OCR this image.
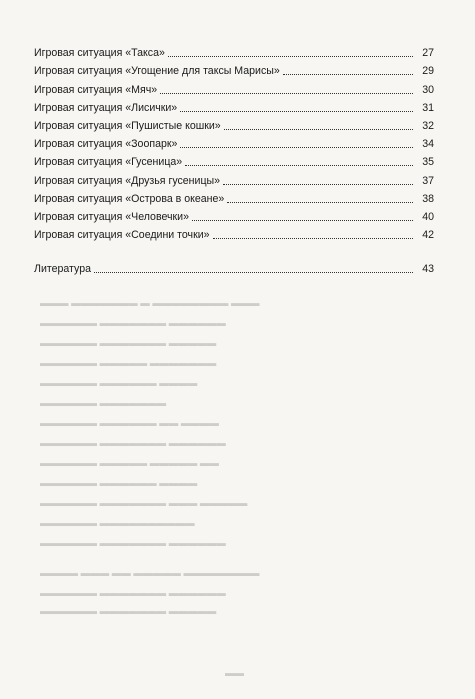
▬▬▬ ▬▬▬▬▬▬▬ ▬ ▬▬▬▬▬▬▬▬ ▬▬▬
▬▬▬▬▬▬ ▬▬▬▬▬▬▬ ▬▬▬▬▬▬
▬▬▬▬▬▬ ▬▬▬▬▬▬▬ ▬▬▬▬▬
▬▬▬▬▬▬ ▬▬▬▬▬ ▬▬▬▬▬▬▬
▬▬▬▬▬▬ ▬▬▬▬▬▬ ▬▬▬▬
▬▬▬▬▬▬ ▬▬▬▬▬▬▬
▬▬▬▬▬▬ ▬▬▬▬▬▬ ▬▬ ▬▬▬▬
▬▬▬▬▬▬ ▬▬▬▬▬▬▬ ▬▬▬▬▬▬
▬▬▬▬▬▬ ▬▬▬▬▬ ▬▬▬▬▬ ▬▬
▬▬▬▬▬▬ ▬▬▬▬▬▬ ▬▬▬▬
▬▬▬▬▬▬ ▬▬▬▬▬▬▬ ▬▬▬ ▬▬▬▬▬
▬▬▬▬▬▬ ▬▬▬▬▬▬▬▬▬▬
▬▬▬▬▬▬ ▬▬▬▬▬▬▬ ▬▬▬▬▬▬
▬▬▬▬ ▬▬▬ ▬▬ ▬▬▬▬▬ ▬▬▬▬▬▬▬▬
▬▬▬▬▬▬ ▬▬▬▬▬▬▬ ▬▬▬▬▬▬
▬▬▬▬▬▬ ▬▬▬▬▬▬▬ ▬▬▬▬▬
▬▬
Игровая ситуация «Такса»	27
Игровая ситуация «Угощение для таксы Марисы»	29
Игровая ситуация «Мяч»	30
Игровая ситуация «Лисички»	31
Игровая ситуация «Пушистые кошки»	32
Игровая ситуация «Зоопарк»	34
Игровая ситуация «Гусеница»	35
Игровая ситуация «Друзья гусеницы»	37
Игровая ситуация «Острова в океане»	38
Игровая ситуация «Человечки»	40
Игровая ситуация «Соедини точки»	42
Литература	43
